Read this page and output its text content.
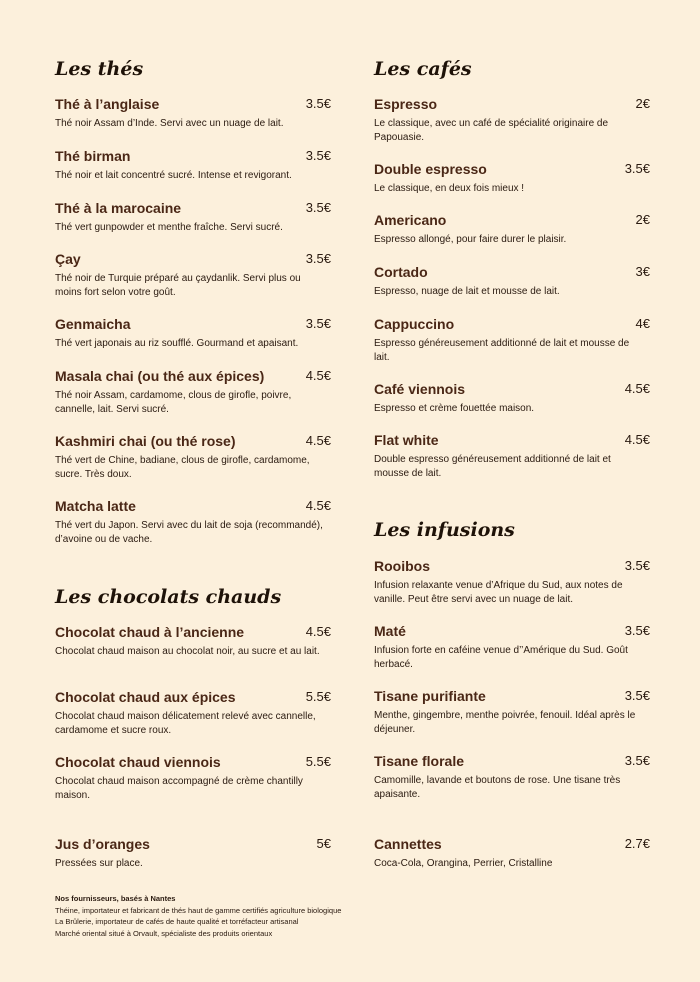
Les thés
Thé à l’anglaise	3.5€
Thé noir Assam d’Inde. Servi avec un nuage de lait.
Thé birman	3.5€
Thé noir et lait concentré sucré. Intense et revigorant.
Thé à la marocaine	3.5€
Thé vert gunpowder et menthe fraîche. Servi sucré.
Çay	3.5€
Thé noir de Turquie préparé au çaydanlik. Servi plus ou moins fort selon votre goût.
Genmaicha	3.5€
Thé vert japonais au riz soufflé. Gourmand et apaisant.
Masala chai (ou thé aux épices)	4.5€
Thé noir Assam, cardamome, clous de girofle, poivre, cannelle, lait. Servi sucré.
Kashmiri chai (ou thé rose)	4.5€
Thé vert de Chine, badiane, clous de girofle, cardamome, sucre. Très doux.
Matcha latte	4.5€
Thé vert du Japon. Servi avec du lait de soja (recommandé), d’avoine ou de vache.
Les chocolats chauds
Chocolat chaud à l’ancienne	4.5€
Chocolat chaud maison au chocolat noir, au sucre et au lait.
Chocolat chaud aux épices	5.5€
Chocolat chaud maison délicatement relevé avec cannelle, cardamome et sucre roux.
Chocolat chaud viennois	5.5€
Chocolat chaud maison accompagné de crème chantilly maison.
Jus d’oranges	5€
Pressées sur place.
Les cafés
Espresso	2€
Le classique, avec un café de spécialité originaire de Papouasie.
Double espresso	3.5€
Le classique, en deux fois mieux !
Americano	2€
Espresso allongé, pour faire durer le plaisir.
Cortado	3€
Espresso, nuage de lait et mousse de lait.
Cappuccino	4€
Espresso généreusement additionné de lait et mousse de lait.
Café viennois	4.5€
Espresso et crème fouettée maison.
Flat white	4.5€
Double espresso généreusement additionné de lait et mousse de lait.
Les infusions
Rooibos	3.5€
Infusion relaxante venue d’Afrique du Sud, aux notes de vanille. Peut être servi avec un nuage de lait.
Maté	3.5€
Infusion forte en caféine venue d’’Amérique du Sud. Goût herbacé.
Tisane purifiante	3.5€
Menthe, gingembre, menthe poivrée, fenouil. Idéal après le déjeuner.
Tisane florale	3.5€
Camomille, lavande et boutons de rose. Une tisane très apaisante.
Cannettes	2.7€
Coca-Cola, Orangina, Perrier, Cristalline
Nos fournisseurs, basés à Nantes
Théine, importateur et fabricant de thés haut de gamme certifiés agriculture biologique
La Brûlerie, importateur de cafés de haute qualité et torréfacteur artisanal
Marché oriental situé à Orvault, spécialiste des produits orientaux
